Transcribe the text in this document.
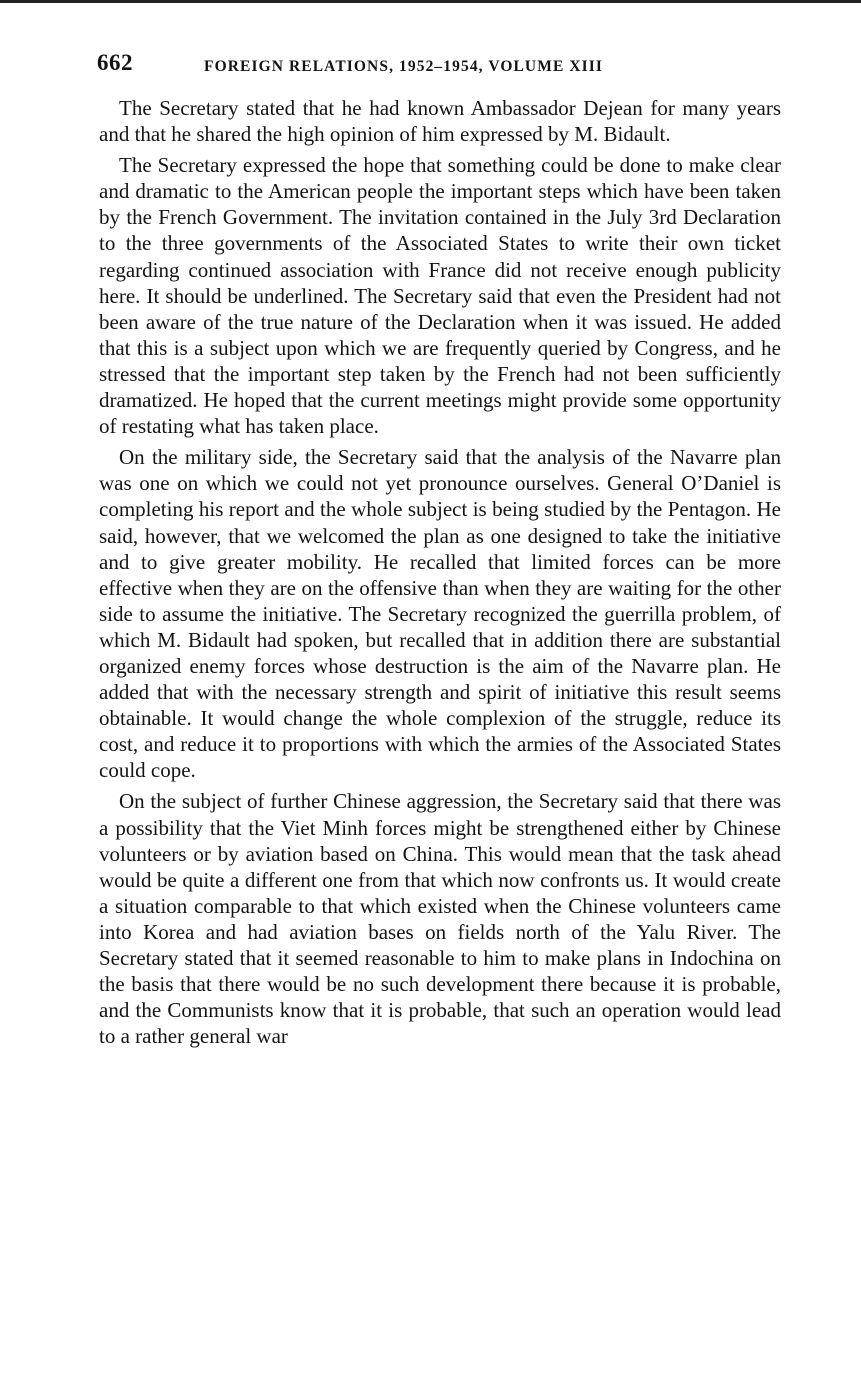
662	FOREIGN RELATIONS, 1952–1954, VOLUME XIII

The Secretary stated that he had known Ambassador Dejean for many years and that he shared the high opinion of him expressed by M. Bidault.

The Secretary expressed the hope that something could be done to make clear and dramatic to the American people the important steps which have been taken by the French Government. The invitation contained in the July 3rd Declaration to the three governments of the Associated States to write their own ticket regarding continued association with France did not receive enough publicity here. It should be underlined. The Secretary said that even the President had not been aware of the true nature of the Declaration when it was issued. He added that this is a subject upon which we are frequently queried by Congress, and he stressed that the important step taken by the French had not been sufficiently dramatized. He hoped that the current meetings might provide some opportunity of restating what has taken place.

On the military side, the Secretary said that the analysis of the Navarre plan was one on which we could not yet pronounce ourselves. General O’Daniel is completing his report and the whole subject is being studied by the Pentagon. He said, however, that we welcomed the plan as one designed to take the initiative and to give greater mobility. He recalled that limited forces can be more effective when they are on the offensive than when they are waiting for the other side to assume the initiative. The Secretary recognized the guerrilla problem, of which M. Bidault had spoken, but recalled that in addition there are substantial organized enemy forces whose destruction is the aim of the Navarre plan. He added that with the necessary strength and spirit of initiative this result seems obtainable. It would change the whole complexion of the struggle, reduce its cost, and reduce it to proportions with which the armies of the Associated States could cope.

On the subject of further Chinese aggression, the Secretary said that there was a possibility that the Viet Minh forces might be strengthened either by Chinese volunteers or by aviation based on China. This would mean that the task ahead would be quite a different one from that which now confronts us. It would create a situation comparable to that which existed when the Chinese volunteers came into Korea and had aviation bases on fields north of the Yalu River. The Secretary stated that it seemed reasonable to him to make plans in Indochina on the basis that there would be no such development there because it is probable, and the Communists know that it is probable, that such an operation would lead to a rather general war
